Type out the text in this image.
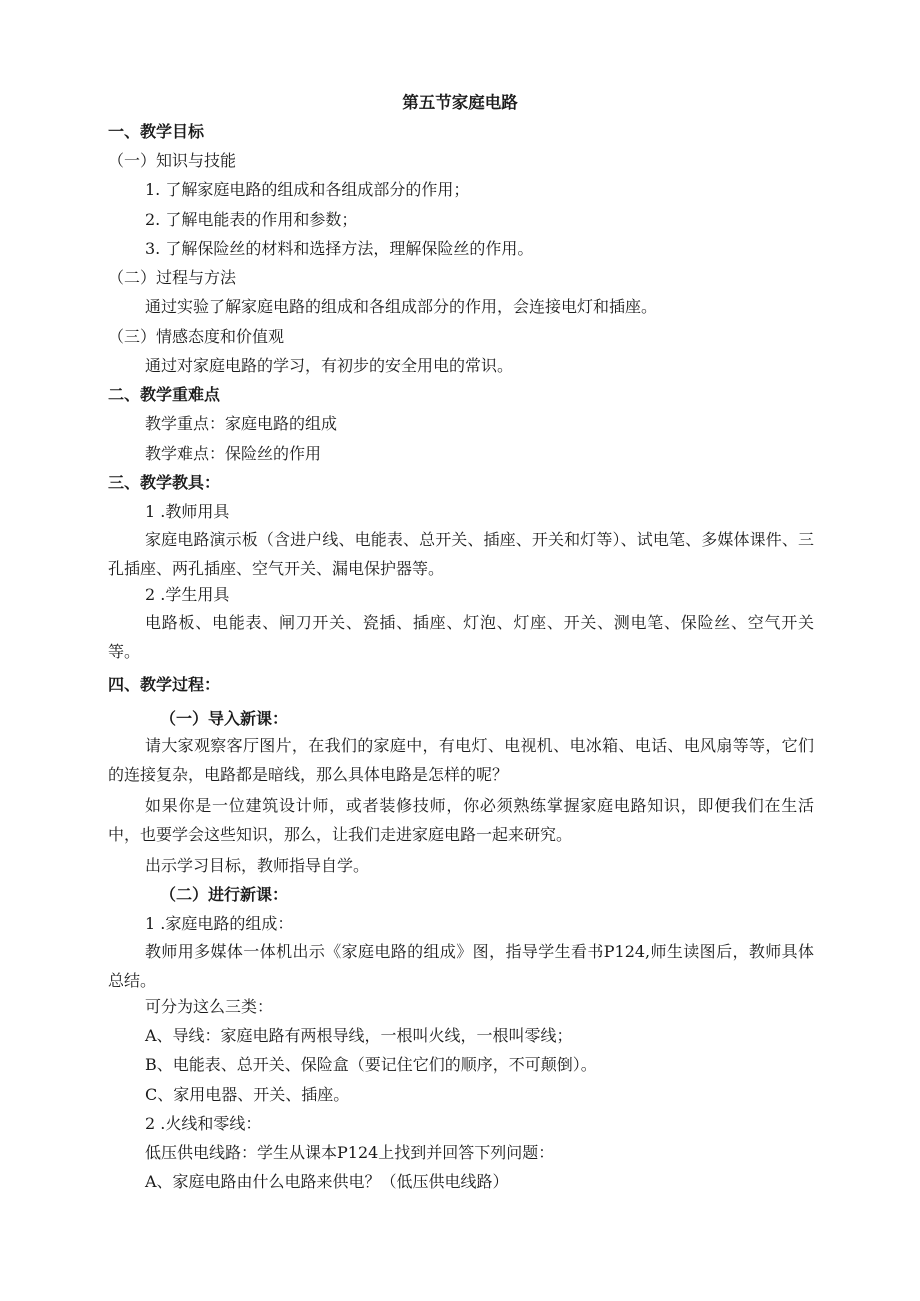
第五节家庭电路
一、教学目标
（一）知识与技能
1. 了解家庭电路的组成和各组成部分的作用；
2. 了解电能表的作用和参数；
3. 了解保险丝的材料和选择方法，理解保险丝的作用。
（二）过程与方法
通过实验了解家庭电路的组成和各组成部分的作用，会连接电灯和插座。
（三）情感态度和价值观
通过对家庭电路的学习，有初步的安全用电的常识。
二、教学重难点
教学重点：家庭电路的组成
教学难点：保险丝的作用
三、教学教具：
1 .教师用具
家庭电路演示板（含进户线、电能表、总开关、插座、开关和灯等）、试电笔、多媒体课件、三孔插座、两孔插座、空气开关、漏电保护器等。
2 .学生用具
电路板、电能表、闸刀开关、瓷插、插座、灯泡、灯座、开关、测电笔、保险丝、空气开关等。
四、教学过程：
（一）导入新课：
请大家观察客厅图片，在我们的家庭中，有电灯、电视机、电冰箱、电话、电风扇等等，它们的连接复杂，电路都是暗线，那么具体电路是怎样的呢？
如果你是一位建筑设计师，或者装修技师，你必须熟练掌握家庭电路知识，即便我们在生活中，也要学会这些知识，那么，让我们走进家庭电路一起来研究。
出示学习目标，教师指导自学。
（二）进行新课：
1 .家庭电路的组成：
教师用多媒体一体机出示《家庭电路的组成》图，指导学生看书P124,师生读图后，教师具体总结。
可分为这么三类：
A、导线：家庭电路有两根导线，一根叫火线，一根叫零线；
B、电能表、总开关、保险盒（要记住它们的顺序，不可颠倒）。
C、家用电器、开关、插座。
2 .火线和零线：
低压供电线路：学生从课本P124上找到并回答下列问题：
A、家庭电路由什么电路来供电？（低压供电线路）
